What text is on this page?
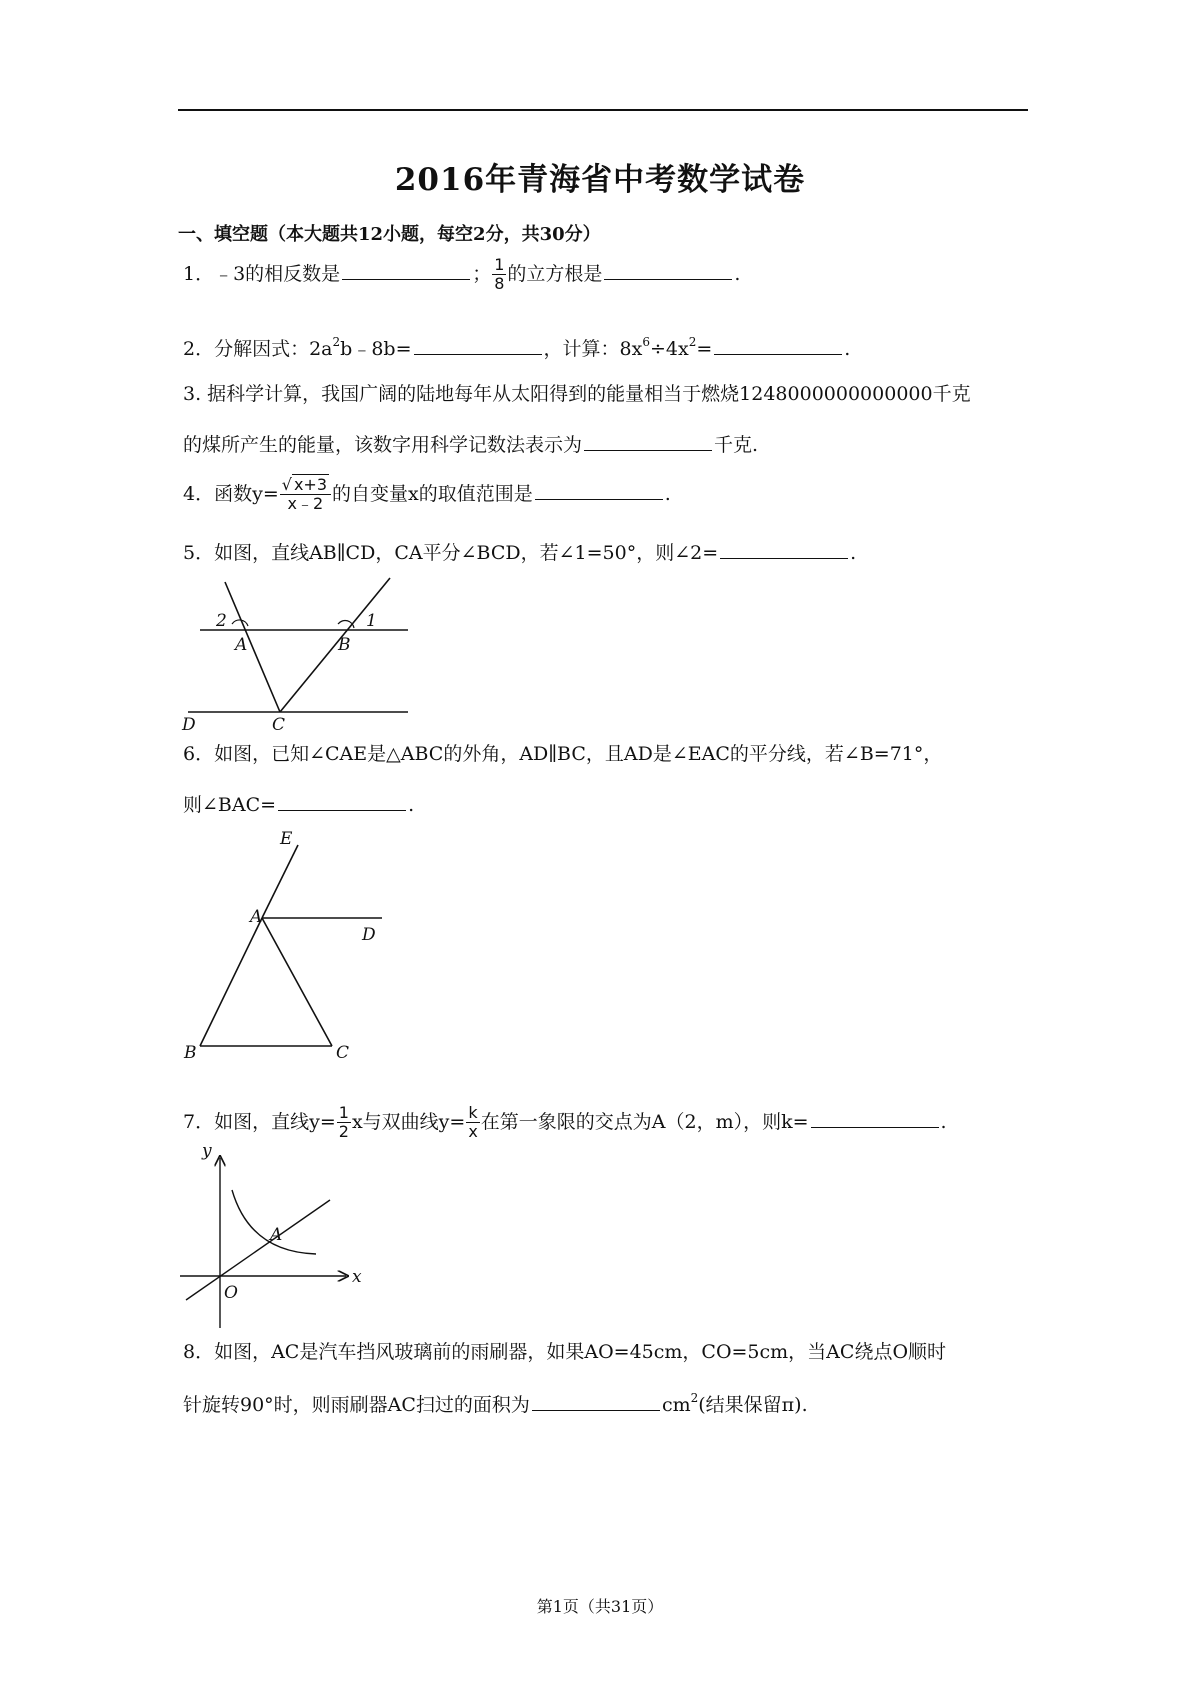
2016年青海省中考数学试卷
一、填空题（本大题共12小题，每空2分，共30分）
1．﹣3的相反数是	； $\frac{1}{8}$ 的立方根是	.
2．分解因式：$2a^2b﹣8b=$	，计算：$8x^6\div 4x^2=$	.
3. 据科学计算，我国广阔的陆地每年从太阳得到的能量相当于燃烧1248000000000000千克
的煤所产生的能量，该数字用科学记数法表示为	千克.
4．函数$y= \frac{√ x+3}{x﹣2}$ 的自变量x的取值范围是	.
5．如图，直线AB∥CD，CA平分∠BCD，若∠1=50°，则∠2=	.
2
A	B
1
C
D
6．如图，已知∠CAE是△ABC的外角，AD∥BC，且AD是∠EAC的平分线，若∠B=71°，
则∠BAC=	.
E
A
D
B	C
7．如图，直线$y= \frac{1}{2}$ x与双曲线$y= \frac{k}{x}$ 在第一象限的交点为A（2，m），则k=	.
y
x
O
A
8．如图，AC是汽车挡风玻璃前的雨刷器，如果AO=45cm，CO=5cm，当AC绕点O顺时
针旋转90°时，则雨刷器AC扫过的面积为	$cm^2$(结果保留π).
第1页（共31页）
